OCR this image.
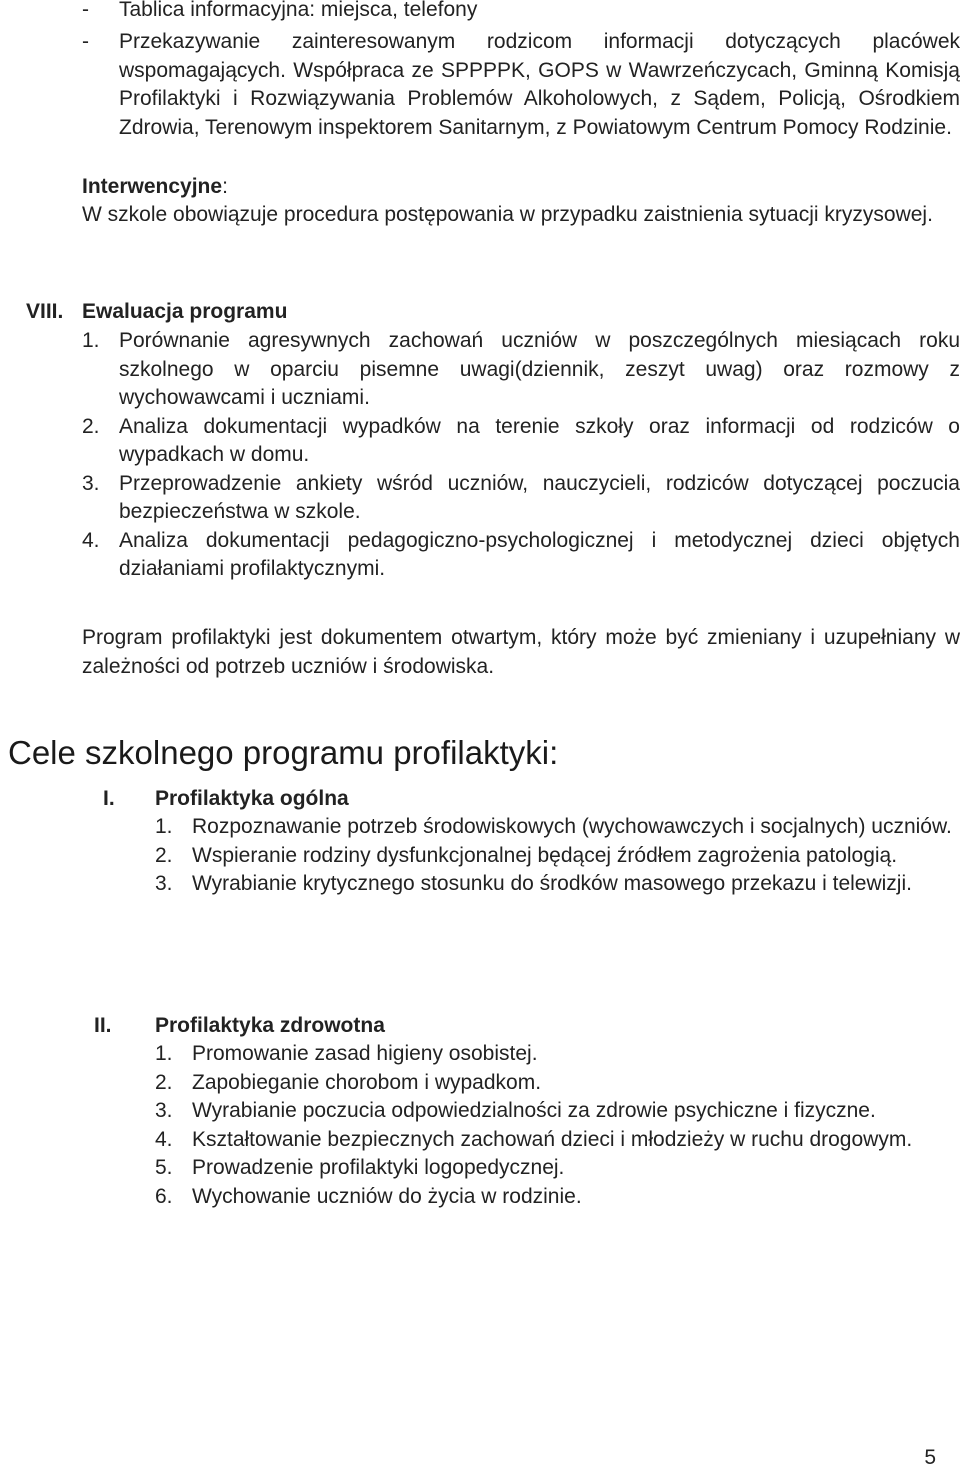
-	Tablica informacyjna: miejsca, telefony
-	Przekazywanie zainteresowanym rodzicom informacji dotyczących placówek wspomagających. Współpraca ze SPPPPK, GOPS w Wawrzeńczycach, Gminną Komisją Profilaktyki i Rozwiązywania Problemów Alkoholowych, z Sądem, Policją, Ośrodkiem Zdrowia, Terenowym inspektorem Sanitarnym, z Powiatowym Centrum Pomocy Rodzinie.
Interwencyjne:
W szkole obowiązuje procedura postępowania w przypadku zaistnienia sytuacji kryzysowej.
VIII. Ewaluacja programu
1. Porównanie agresywnych zachowań uczniów w poszczególnych miesiącach roku szkolnego w oparciu pisemne uwagi(dziennik, zeszyt uwag) oraz rozmowy z wychowawcami i uczniami.
2. Analiza dokumentacji wypadków na terenie szkoły oraz informacji od rodziców o wypadkach w domu.
3. Przeprowadzenie ankiety wśród uczniów, nauczycieli, rodziców dotyczącej poczucia bezpieczeństwa w szkole.
4. Analiza dokumentacji pedagogiczno-psychologicznej i metodycznej dzieci objętych działaniami profilaktycznymi.
Program profilaktyki jest dokumentem otwartym, który może być zmieniany i uzupełniany w zależności od potrzeb uczniów i środowiska.
Cele szkolnego programu profilaktyki:
I. Profilaktyka ogólna
1. Rozpoznawanie potrzeb środowiskowych (wychowawczych i socjalnych) uczniów.
2. Wspieranie rodziny dysfunkcjonalnej będącej źródłem zagrożenia patologią.
3. Wyrabianie krytycznego stosunku do środków masowego przekazu i telewizji.
II. Profilaktyka zdrowotna
1. Promowanie zasad higieny osobistej.
2. Zapobieganie chorobom i wypadkom.
3. Wyrabianie poczucia odpowiedzialności za zdrowie psychiczne i fizyczne.
4. Kształtowanie bezpiecznych zachowań dzieci i młodzieży w ruchu drogowym.
5. Prowadzenie profilaktyki logopedycznej.
6. Wychowanie uczniów do życia w rodzinie.
5
